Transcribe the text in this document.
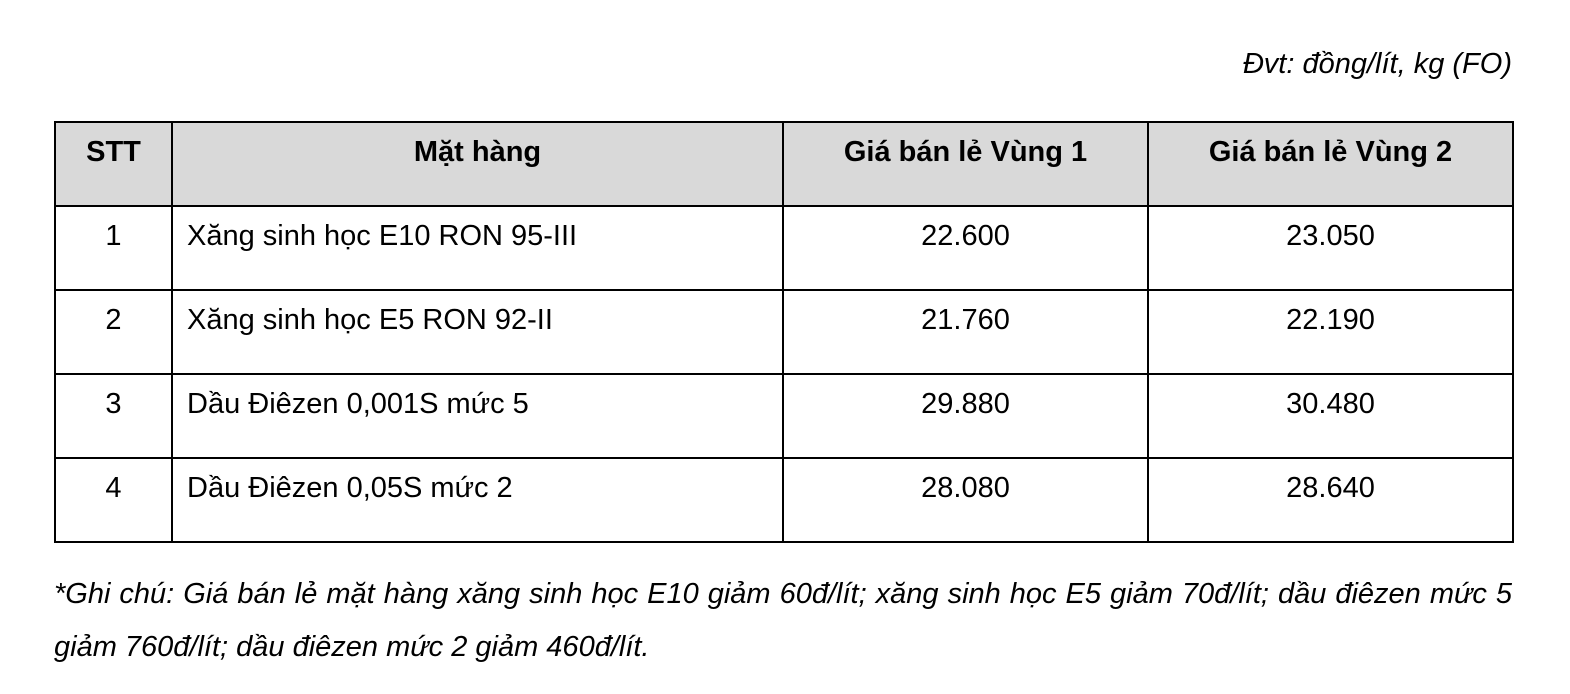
Đvt: đồng/lít, kg (FO)
STT	Mặt hàng	Giá bán lẻ Vùng 1	Giá bán lẻ Vùng 2
1	Xăng sinh học E10 RON 95-III	22.600	23.050
2	Xăng sinh học E5 RON 92-II	21.760	22.190
3	Dầu Điêzen 0,001S mức 5	29.880	30.480
4	Dầu Điêzen 0,05S mức 2	28.080	28.640
*Ghi chú: Giá bán lẻ mặt hàng xăng sinh học E10 giảm 60đ/lít; xăng sinh học E5 giảm 70đ/lít; dầu điêzen mức 5 giảm 760đ/lít; dầu điêzen mức 2 giảm 460đ/lít.
